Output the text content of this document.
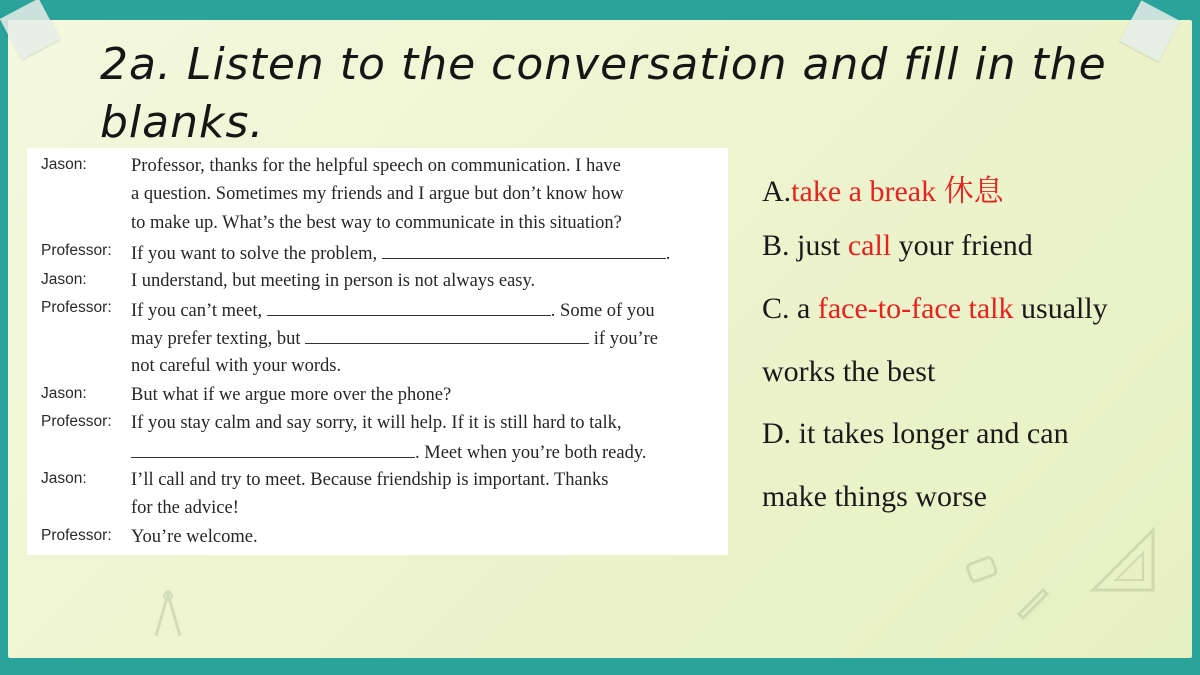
2a. Listen to the conversation and fill in the blanks.
Jason: Professor, thanks for the helpful speech on communication. I have
a question. Sometimes my friends and I argue but don’t know how
to make up. What’s the best way to communicate in this situation?
Professor: If you want to solve the problem,	.
Jason: I understand, but meeting in person is not always easy.
Professor: If you can’t meet,	. Some of you
may prefer texting, but	if you’re
not careful with your words.
Jason: But what if we argue more over the phone?
Professor: If you stay calm and say sorry, it will help. If it is still hard to talk,
. Meet when you’re both ready.
Jason: I’ll call and try to meet. Because friendship is important. Thanks
for the advice!
Professor: You’re welcome.
A.take a break 休息
B. just call your friend
C. a face-to-face talk usually
works the best
D. it takes longer and can
make things worse
